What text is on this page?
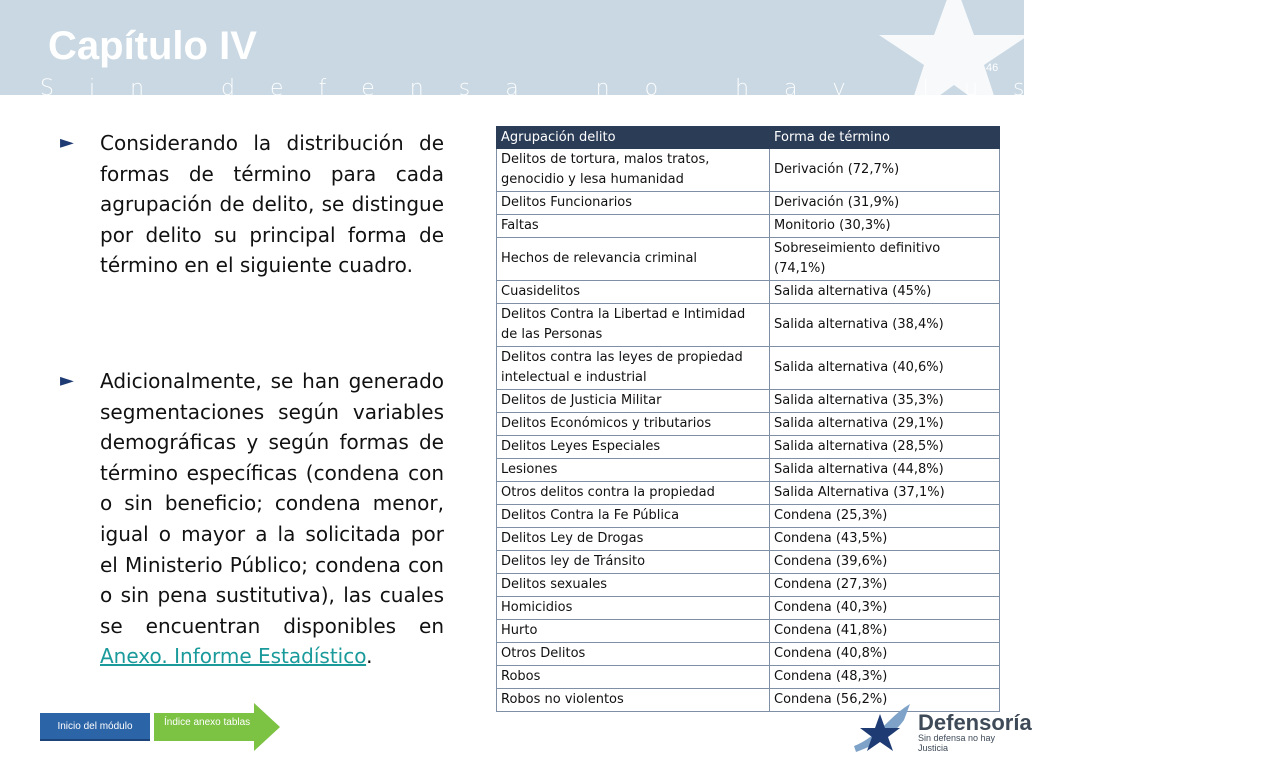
Capítulo IV
Sin defensa no hay Justicia
46
► Considerando la distribución de formas de término para cada agrupación de delito, se distingue por delito su principal forma de término en el siguiente cuadro.
► Adicionalmente, se han generado segmentaciones según variables demográficas y según formas de término específicas (condena con o sin beneficio; condena menor, igual o mayor a la solicitada por el Ministerio Público; condena con o sin pena sustitutiva), las cuales se encuentran disponibles en Anexo. Informe Estadístico.
Agrupación delito	Forma de término
Delitos de tortura, malos tratos, genocidio y lesa humanidad	Derivación (72,7%)
Delitos Funcionarios	Derivación (31,9%)
Faltas	Monitorio (30,3%)
Hechos de relevancia criminal	Sobreseimiento definitivo (74,1%)
Cuasidelitos	Salida alternativa (45%)
Delitos Contra la Libertad e Intimidad de las Personas	Salida alternativa (38,4%)
Delitos contra las leyes de propiedad intelectual e industrial	Salida alternativa (40,6%)
Delitos de Justicia Militar	Salida alternativa (35,3%)
Delitos Económicos y tributarios	Salida alternativa (29,1%)
Delitos Leyes Especiales	Salida alternativa (28,5%)
Lesiones	Salida alternativa (44,8%)
Otros delitos contra la propiedad	Salida Alternativa (37,1%)
Delitos Contra la Fe Pública	Condena (25,3%)
Delitos Ley de Drogas	Condena (43,5%)
Delitos ley de Tránsito	Condena (39,6%)
Delitos sexuales	Condena (27,3%)
Homicidios	Condena (40,3%)
Hurto	Condena (41,8%)
Otros Delitos	Condena (40,8%)
Robos	Condena (48,3%)
Robos no violentos	Condena (56,2%)
Inicio del módulo	Índice anexo tablas	Defensoría
Sin defensa no hay Justicia
